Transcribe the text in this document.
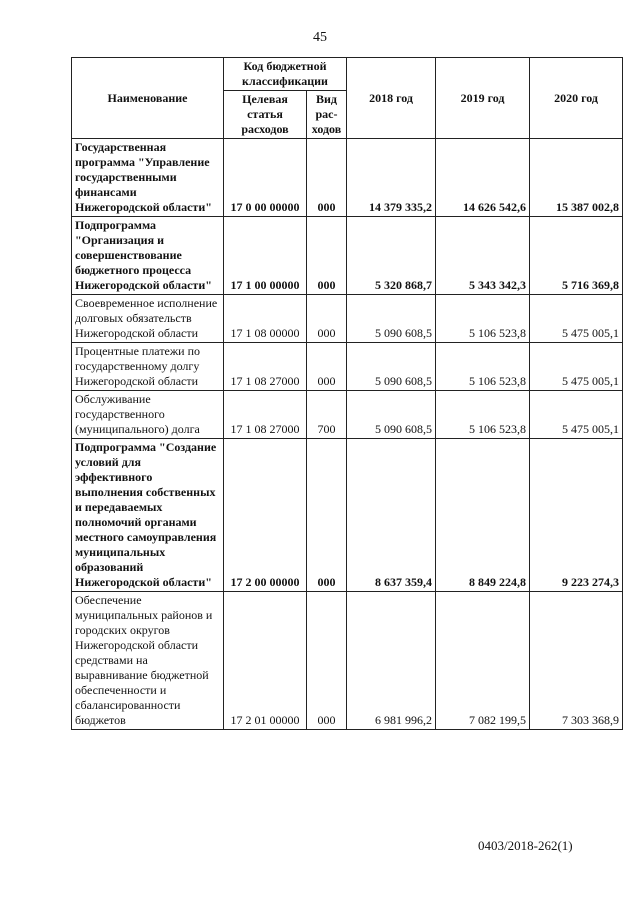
45
Наименование	Код бюджетной классификации		2018 год	2019 год	2020 год
	Целевая статья расходов	Вид рас-ходов			
Государственная программа "Управление государственными финансами Нижегородской области"	17 0 00 00000	000	14 379 335,2	14 626 542,6	15 387 002,8
Подпрограмма "Организация и совершенствование бюджетного процесса Нижегородской области"	17 1 00 00000	000	5 320 868,7	5 343 342,3	5 716 369,8
Своевременное исполнение долговых обязательств Нижегородской области	17 1 08 00000	000	5 090 608,5	5 106 523,8	5 475 005,1
Процентные платежи по государственному долгу Нижегородской области	17 1 08 27000	000	5 090 608,5	5 106 523,8	5 475 005,1
Обслуживание государственного (муниципального) долга	17 1 08 27000	700	5 090 608,5	5 106 523,8	5 475 005,1
Подпрограмма "Создание условий для эффективного выполнения собственных и передаваемых полномочий органами местного самоуправления муниципальных образований Нижегородской области"	17 2 00 00000	000	8 637 359,4	8 849 224,8	9 223 274,3
Обеспечение муниципальных районов и городских округов Нижегородской области средствами на выравнивание бюджетной обеспеченности и сбалансированности бюджетов	17 2 01 00000	000	6 981 996,2	7 082 199,5	7 303 368,9
0403/2018-262(1)
